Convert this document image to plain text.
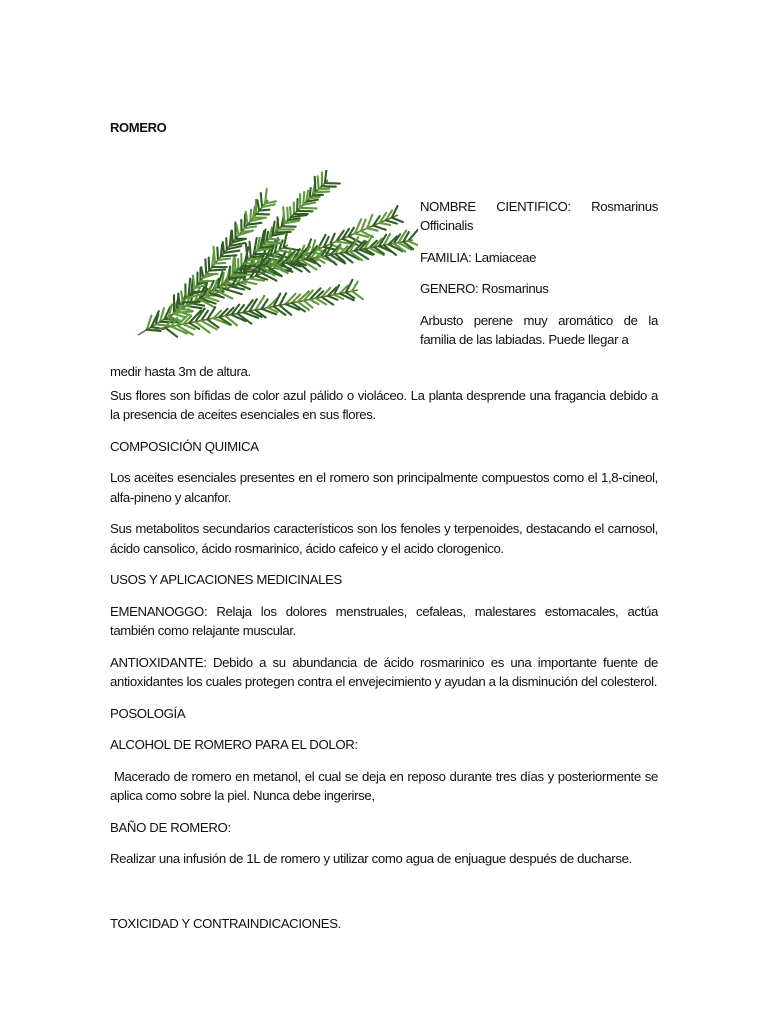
ROMERO

NOMBRE CIENTIFICO: Rosmarinus Officinalis

FAMILIA: Lamiaceae

GENERO: Rosmarinus

Arbusto perene muy aromático de la familia de las labiadas. Puede llegar a

medir hasta 3m de altura.

Sus flores son bífidas de color azul pálido o violáceo. La planta desprende una fragancia debido a la presencia de aceites esenciales en sus flores.

COMPOSICIÓN QUIMICA

Los aceites esenciales presentes en el romero son principalmente compuestos como el 1,8-cineol, alfa-pineno y alcanfor.

Sus metabolitos secundarios característicos son los fenoles y terpenoides, destacando el carnosol, ácido cansolico, ácido rosmarinico, ácido cafeico y el acido clorogenico.

USOS Y APLICACIONES MEDICINALES

EMENANOGGO: Relaja los dolores menstruales, cefaleas, malestares estomacales, actúa también como relajante muscular.

ANTIOXIDANTE: Debido a su abundancia de ácido rosmarinico es una importante fuente de antioxidantes los cuales protegen contra el envejecimiento y ayudan a la disminución del colesterol.

POSOLOGÍA

ALCOHOL DE ROMERO PARA EL DOLOR:

Macerado de romero en metanol, el cual se deja en reposo durante tres días y posteriormente se aplica como sobre la piel. Nunca debe ingerirse,

BAÑO DE ROMERO:

Realizar una infusión de 1L de romero y utilizar como agua de enjuague después de ducharse.

TOXICIDAD Y CONTRAINDICACIONES.
